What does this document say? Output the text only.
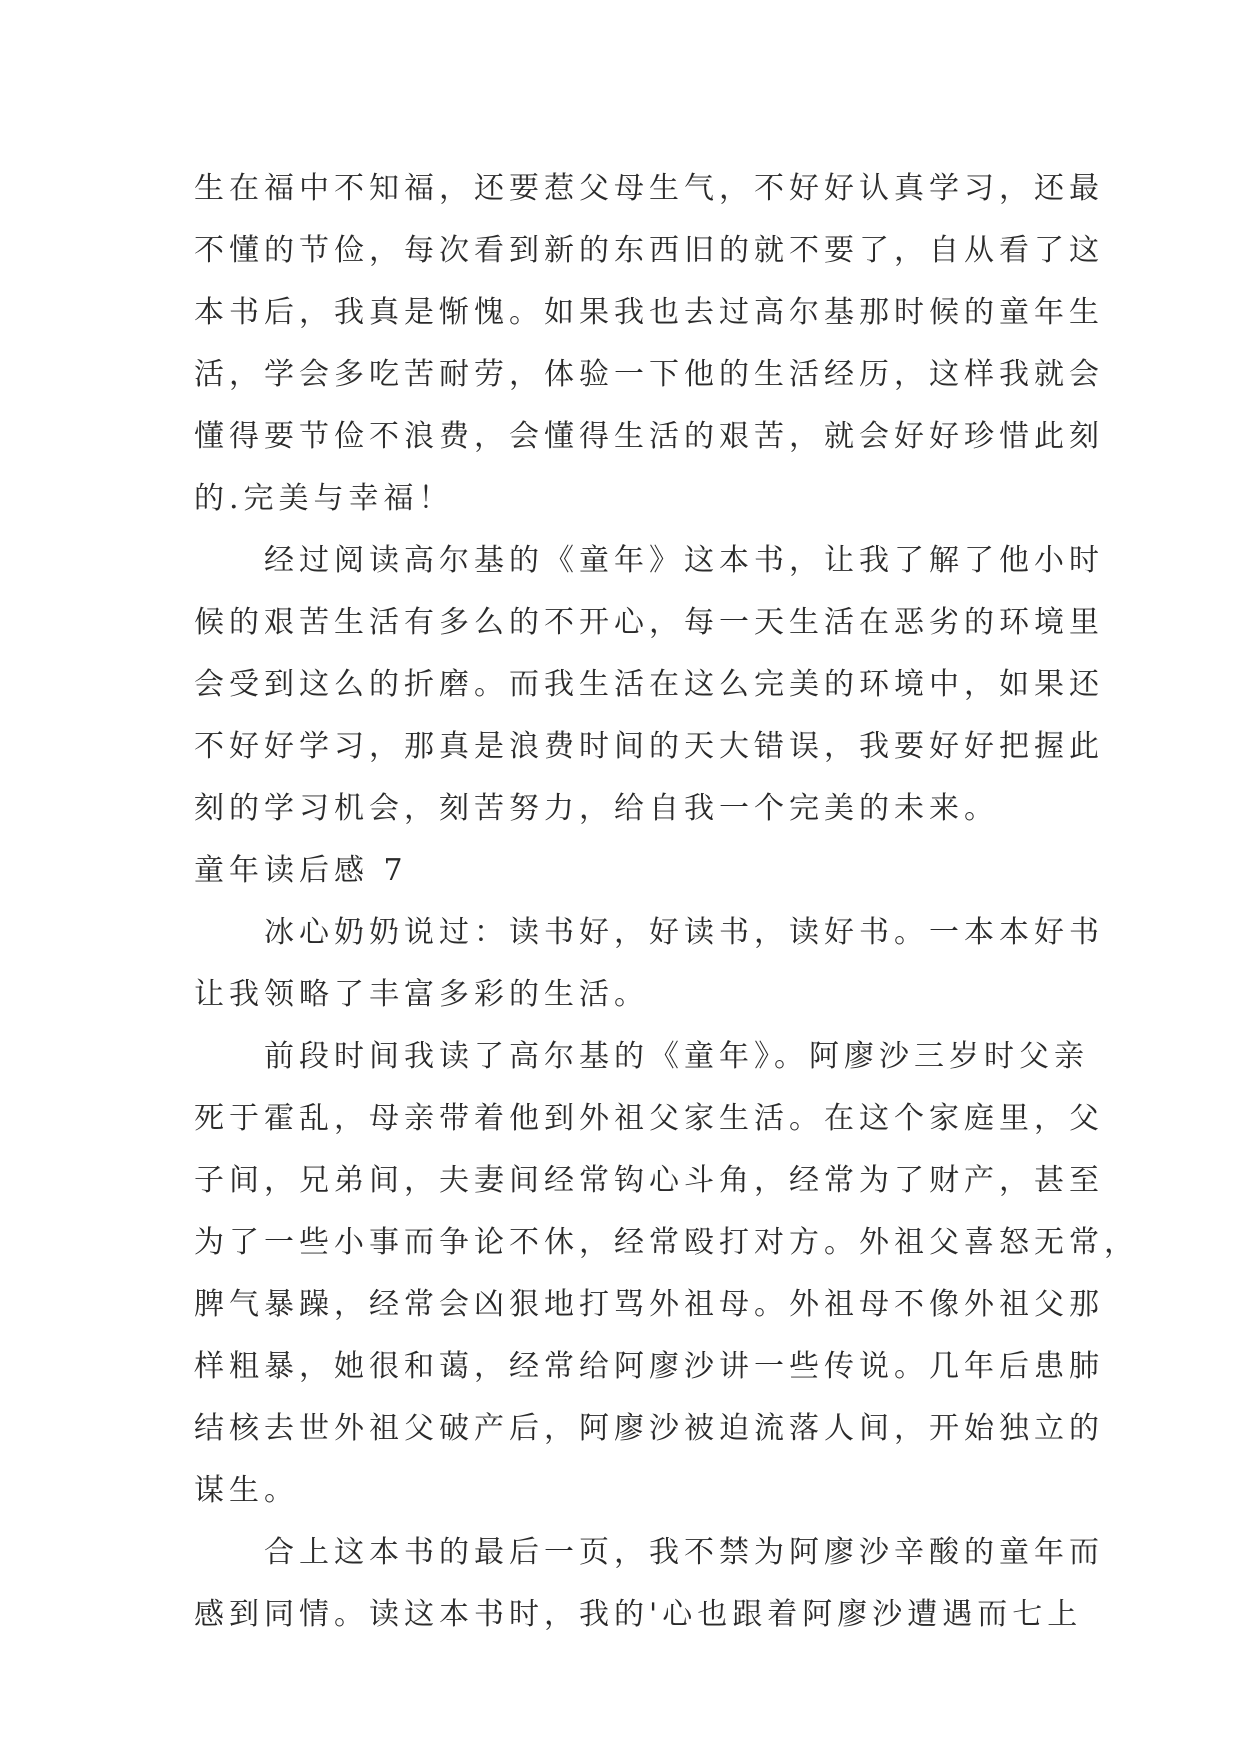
生在福中不知福，还要惹父母生气，不好好认真学习，还最

不懂的节俭，每次看到新的东西旧的就不要了，自从看了这

本书后，我真是惭愧。如果我也去过高尔基那时候的童年生

活，学会多吃苦耐劳，体验一下他的生活经历，这样我就会

懂得要节俭不浪费，会懂得生活的艰苦，就会好好珍惜此刻

的.完美与幸福！

经过阅读高尔基的《童年》这本书，让我了解了他小时

候的艰苦生活有多么的不开心，每一天生活在恶劣的环境里

会受到这么的折磨。而我生活在这么完美的环境中，如果还

不好好学习，那真是浪费时间的天大错误，我要好好把握此

刻的学习机会，刻苦努力，给自我一个完美的未来。

童年读后感 7

冰心奶奶说过：读书好，好读书，读好书。一本本好书

让我领略了丰富多彩的生活。

前段时间我读了高尔基的《童年》。阿廖沙三岁时父亲

死于霍乱，母亲带着他到外祖父家生活。在这个家庭里，父

子间，兄弟间，夫妻间经常钩心斗角，经常为了财产，甚至

为了一些小事而争论不休，经常殴打对方。外祖父喜怒无常，

脾气暴躁，经常会凶狠地打骂外祖母。外祖母不像外祖父那

样粗暴，她很和蔼，经常给阿廖沙讲一些传说。几年后患肺

结核去世外祖父破产后，阿廖沙被迫流落人间，开始独立的

谋生。

合上这本书的最后一页，我不禁为阿廖沙辛酸的童年而

感到同情。读这本书时，我的'心也跟着阿廖沙遭遇而七上
